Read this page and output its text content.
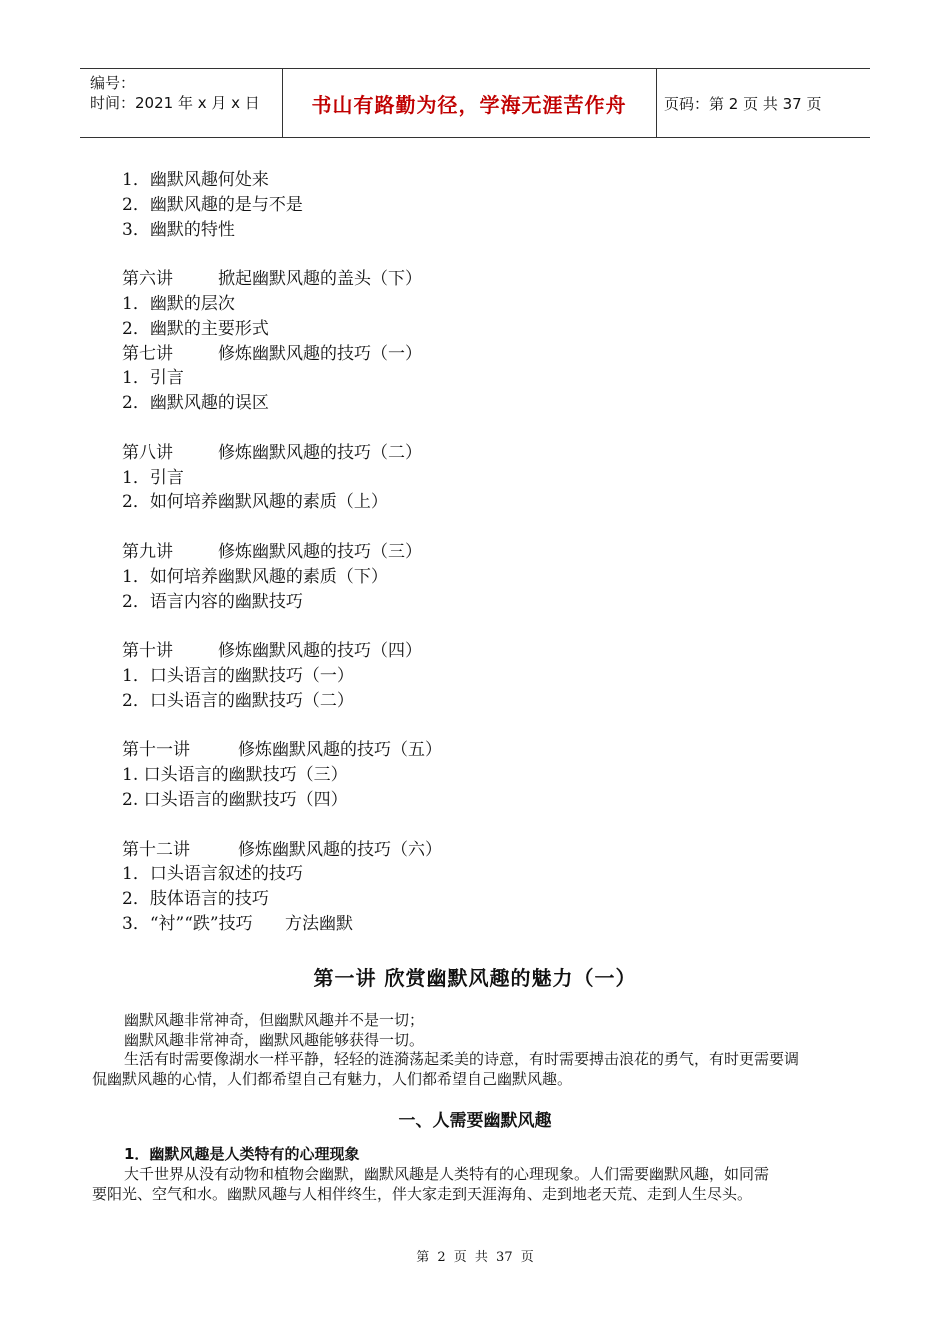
编号：
时间：2021 年 x 月 x 日	书山有路勤为径，学海无涯苦作舟	页码：第 2 页 共 37 页
1．幽默风趣何处来
2．幽默风趣的是与不是
3．幽默的特性
第六讲	掀起幽默风趣的盖头（下）
1．幽默的层次
2．幽默的主要形式
第七讲	修炼幽默风趣的技巧（一）
1．引言
2．幽默风趣的误区
第八讲	修炼幽默风趣的技巧（二）
1．引言
2．如何培养幽默风趣的素质（上）
第九讲	修炼幽默风趣的技巧（三）
1．如何培养幽默风趣的素质（下）
2．语言内容的幽默技巧
第十讲	修炼幽默风趣的技巧（四）
1．口头语言的幽默技巧（一）
2．口头语言的幽默技巧（二）
第十一讲	修炼幽默风趣的技巧（五）
1. 口头语言的幽默技巧（三）
2. 口头语言的幽默技巧（四）
第十二讲	修炼幽默风趣的技巧（六）
1．口头语言叙述的技巧
2．肢体语言的技巧
3．“衬”“跌”技巧      方法幽默
第一讲 欣赏幽默风趣的魅力（一）
幽默风趣非常神奇，但幽默风趣并不是一切；
幽默风趣非常神奇，幽默风趣能够获得一切。
生活有时需要像湖水一样平静，轻轻的涟漪荡起柔美的诗意，有时需要搏击浪花的勇气，有时更需要调
侃幽默风趣的心情，人们都希望自己有魅力，人们都希望自己幽默风趣。
一、人需要幽默风趣
1．幽默风趣是人类特有的心理现象
大千世界从没有动物和植物会幽默，幽默风趣是人类特有的心理现象。人们需要幽默风趣，如同需
要阳光、空气和水。幽默风趣与人相伴终生，伴大家走到天涯海角、走到地老天荒、走到人生尽头。
第 2 页 共 37 页
